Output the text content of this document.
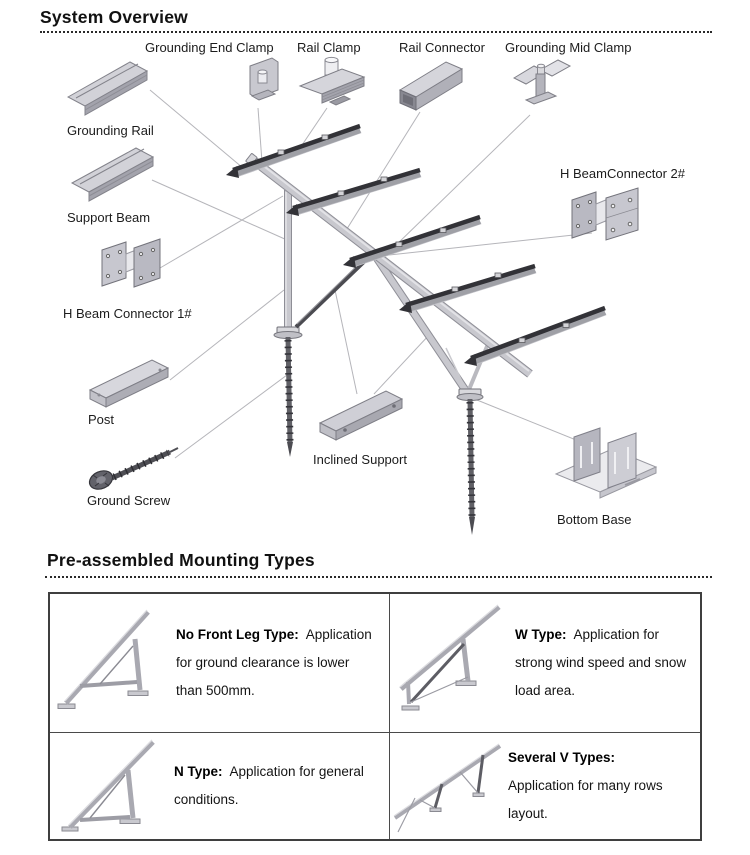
System Overview
Grounding End Clamp Rail Clamp	Rail Connector Grounding Mid Clamp
Grounding Rail
Support Beam
H BeamConnector 2#
H Beam Connector 1#
Post
Inclined Support
Ground Screw
Bottom Base
Pre-assembled Mounting Types

No Front Leg Type: Application for ground clearance is lower than 500mm.

W Type: Application for strong wind speed and snow load area.

N Type: Application for general conditions.

Several V Types:
Application for many rows layout.
